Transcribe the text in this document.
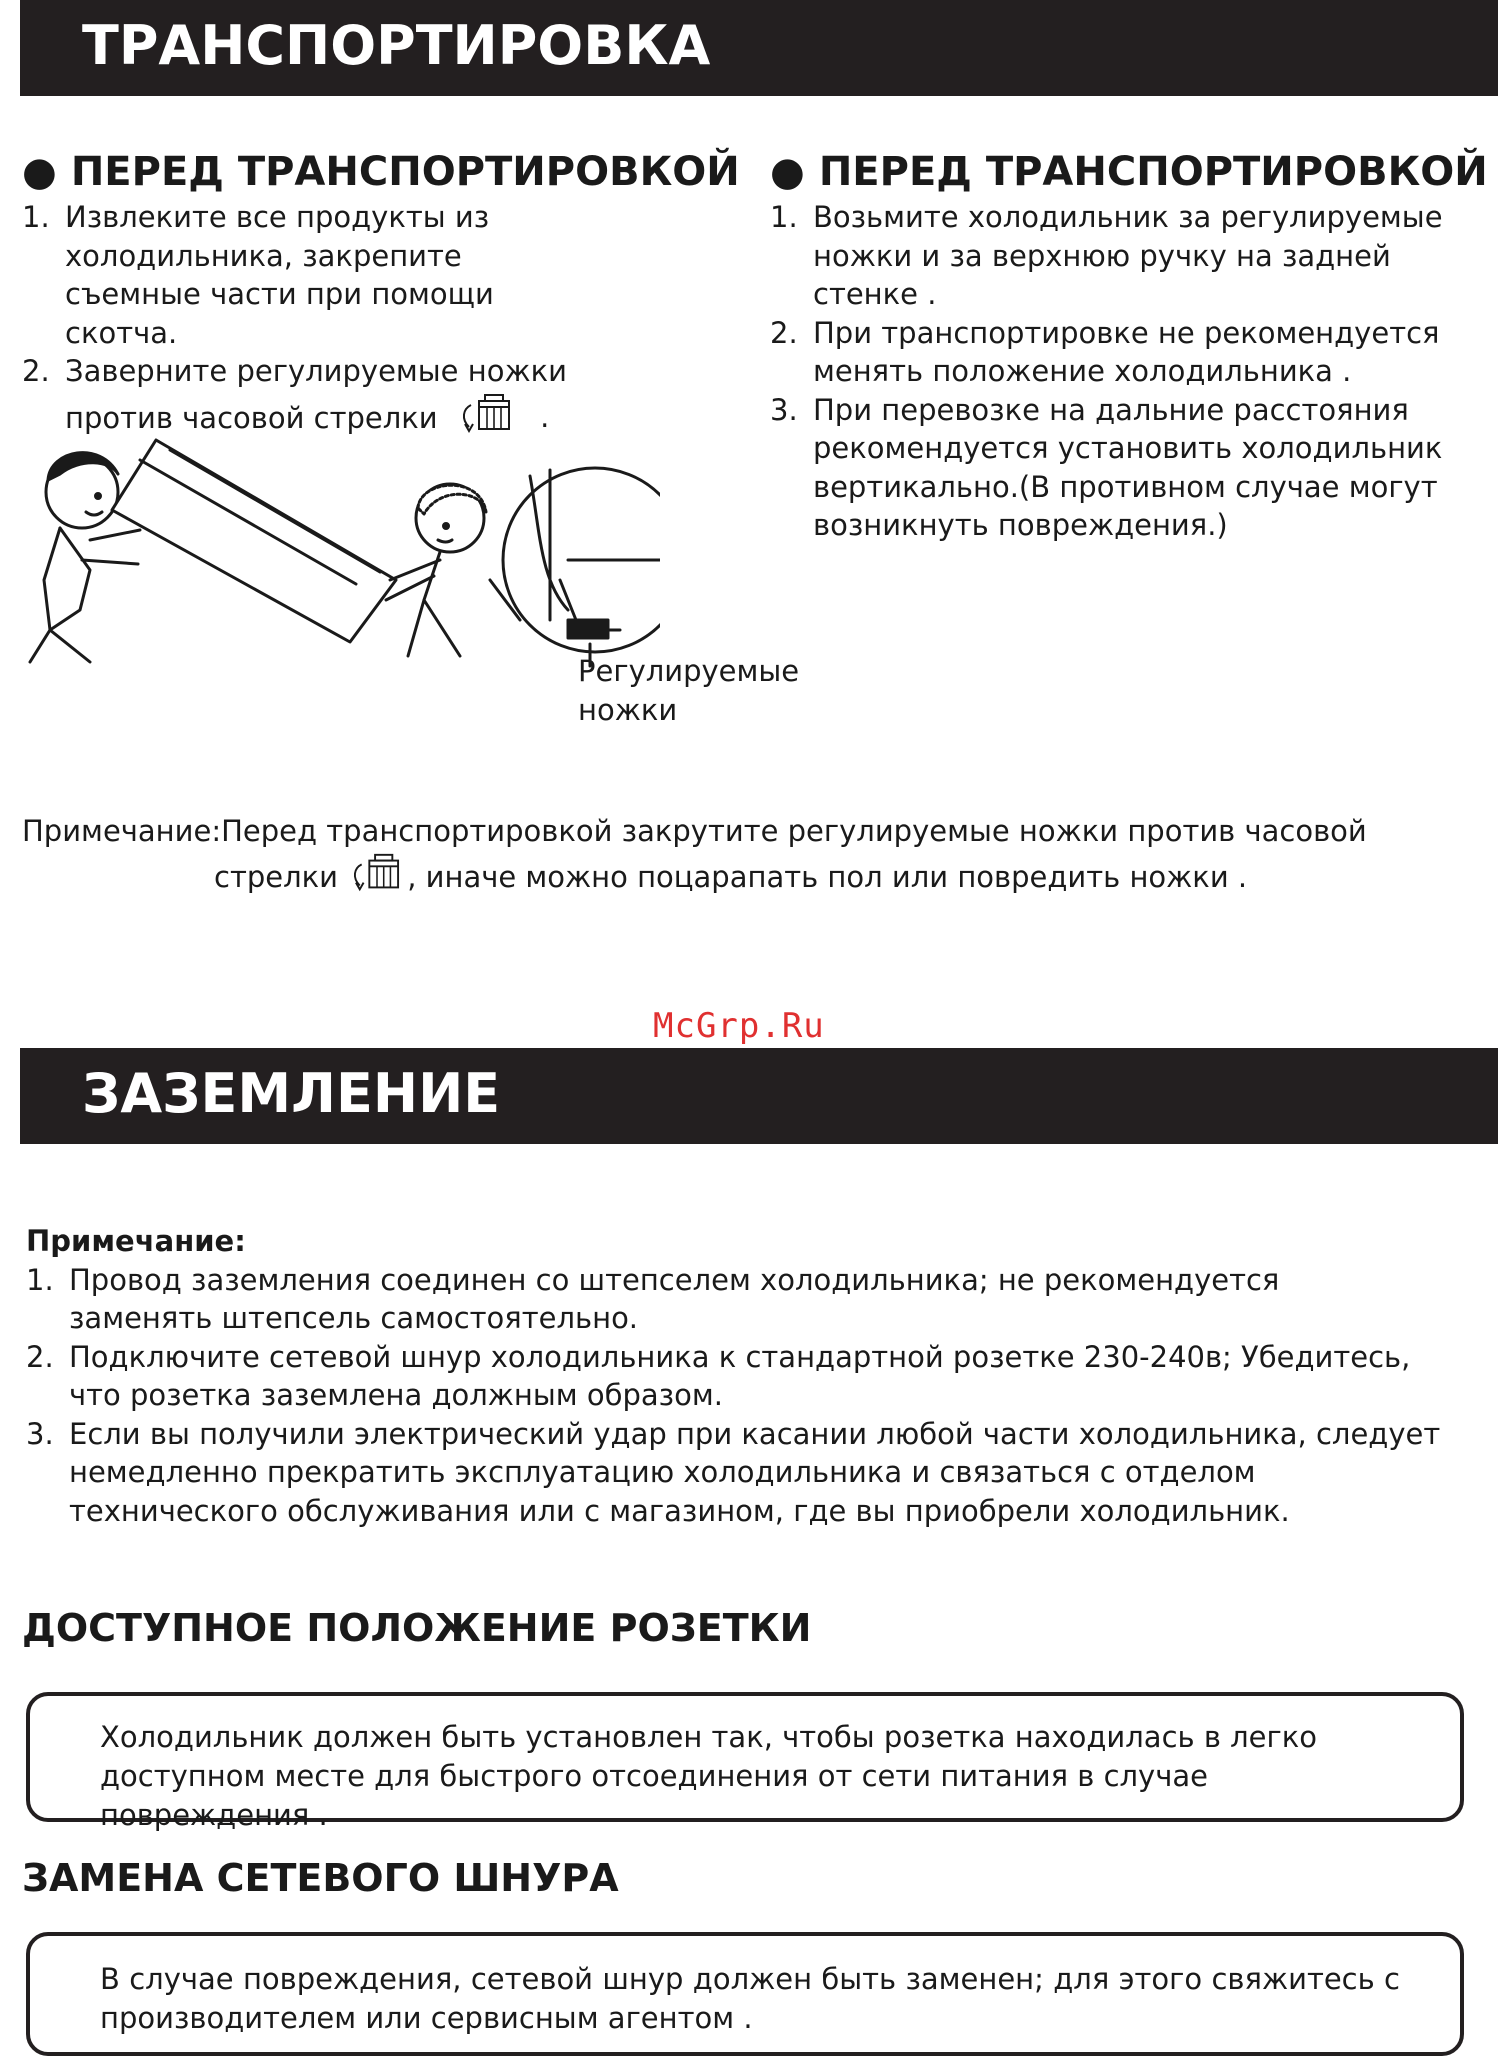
ТРАНСПОРТИРОВКА
● ПЕРЕД ТРАНСПОРТИРОВКОЙ
1. Извлеките все продукты из холодильника, закрепите съемные части при помощи скотча.
2. Заверните регулируемые ножки против часовой стрелки	.
● ПЕРЕД ТРАНСПОРТИРОВКОЙ
1. Возьмите холодильник за регулируемые ножки и за верхнюю ручку на задней стенке .
2. При транспортировке не рекомендуется менять положение холодильника .
3. При перевозке на дальние расстояния рекомендуется установить холодильник вертикально.(В противном случае могут возникнуть повреждения.)
Регулируемые
ножки
Примечание:Перед транспортировкой закрутите регулируемые ножки против часовой
стрелки , иначе можно поцарапать пол или повредить ножки .
McGrp.Ru
ЗАЗЕМЛЕНИЕ
Примечание:
1. Провод заземления соединен со штепселем холодильника; не рекомендуется заменять штепсель самостоятельно.
2. Подключите сетевой шнур холодильника к стандартной розетке 230-240в; Убедитесь, что розетка заземлена должным образом.
3. Если вы получили электрический удар при касании любой части холодильника, следует немедленно прекратить эксплуатацию холодильника и связаться с отделом технического обслуживания или с магазином, где вы приобрели холодильник.
ДОСТУПНОЕ ПОЛОЖЕНИЕ РОЗЕТКИ
Холодильник должен быть установлен так, чтобы розетка находилась в легко доступном месте для быстрого отсоединения от сети питания в случае повреждения .
ЗАМЕНА СЕТЕВОГО ШНУРА
В случае повреждения, сетевой шнур должен быть заменен; для этого свяжитесь с производителем или сервисным агентом .
